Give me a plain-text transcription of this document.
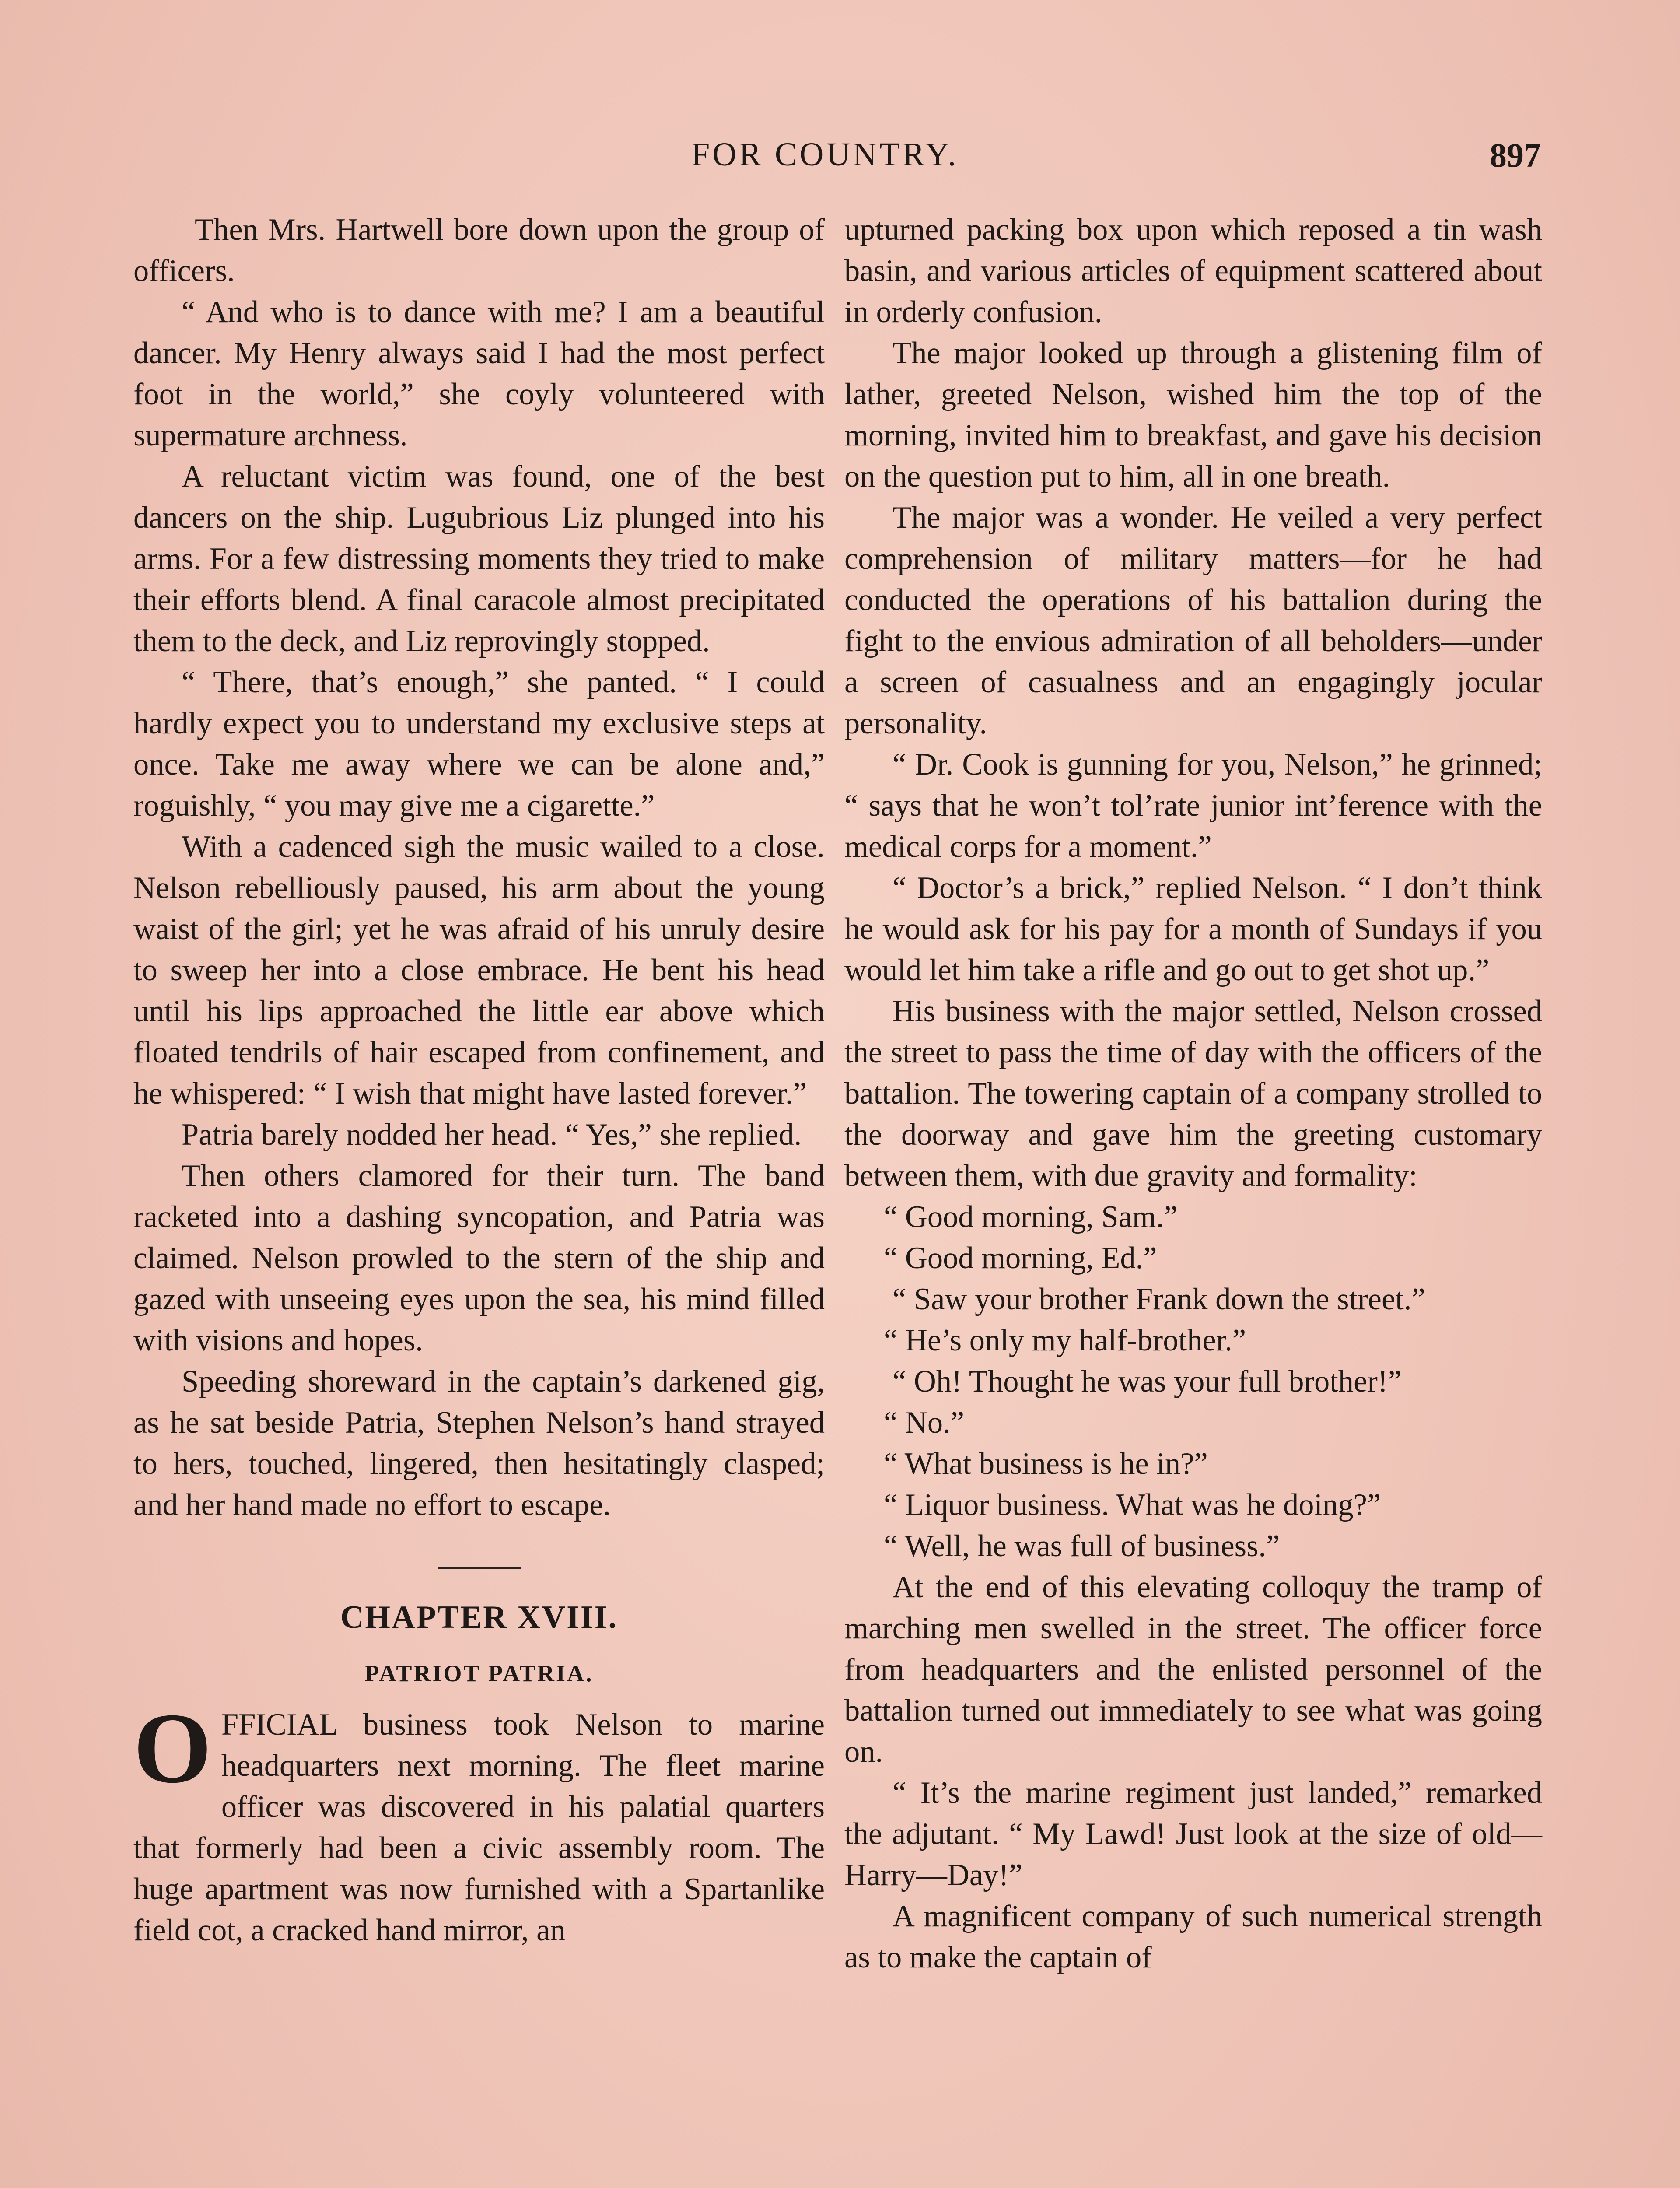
FOR COUNTRY.	897

Then Mrs. Hartwell bore down upon the group of officers.

“ And who is to dance with me? I am a beautiful dancer. My Henry always said I had the most perfect foot in the world,” she coyly volunteered with supermature archness.

A reluctant victim was found, one of the best dancers on the ship. Lugubrious Liz plunged into his arms. For a few distressing moments they tried to make their efforts blend. A final caracole almost precipitated them to the deck, and Liz reprovingly stopped.

“ There, that’s enough,” she panted. “ I could hardly expect you to understand my exclusive steps at once. Take me away where we can be alone and,” roguishly, “ you may give me a cigarette.”

With a cadenced sigh the music wailed to a close. Nelson rebelliously paused, his arm about the young waist of the girl; yet he was afraid of his unruly desire to sweep her into a close embrace. He bent his head until his lips approached the little ear above which floated tendrils of hair escaped from confinement, and he whispered: “ I wish that might have lasted forever.”

Patria barely nodded her head. “ Yes,” she replied.

Then others clamored for their turn. The band racketed into a dashing syncopation, and Patria was claimed. Nelson prowled to the stern of the ship and gazed with unseeing eyes upon the sea, his mind filled with visions and hopes.

Speeding shoreward in the captain’s darkened gig, as he sat beside Patria, Stephen Nelson’s hand strayed to hers, touched, lingered, then hesitatingly clasped; and her hand made no effort to escape.

CHAPTER XVIII.
PATRIOT PATRIA.

O FFICIAL business took Nelson to marine headquarters next morning. The fleet marine officer was discovered in his palatial quarters that formerly had been a civic assembly room. The huge apartment was now furnished with a Spartanlike field cot, a cracked hand mirror, an

upturned packing box upon which reposed a tin wash basin, and various articles of equipment scattered about in orderly confusion.

The major looked up through a glistening film of lather, greeted Nelson, wished him the top of the morning, invited him to breakfast, and gave his decision on the question put to him, all in one breath.

The major was a wonder. He veiled a very perfect comprehension of military matters—for he had conducted the operations of his battalion during the fight to the envious admiration of all beholders—under a screen of casualness and an engagingly jocular personality.

“ Dr. Cook is gunning for you, Nelson,” he grinned; “ says that he won’t tol’rate junior int’ference with the medical corps for a moment.”

“ Doctor’s a brick,” replied Nelson. “ I don’t think he would ask for his pay for a month of Sundays if you would let him take a rifle and go out to get shot up.”

His business with the major settled, Nelson crossed the street to pass the time of day with the officers of the battalion. The towering captain of a company strolled to the doorway and gave him the greeting customary between them, with due gravity and formality:

“ Good morning, Sam.”

“ Good morning, Ed.”

“ Saw your brother Frank down the street.”

“ He’s only my half-brother.”

“ Oh! Thought he was your full brother!”

“ No.”

“ What business is he in?”

“ Liquor business. What was he doing?”

“ Well, he was full of business.”

At the end of this elevating colloquy the tramp of marching men swelled in the street. The officer force from headquarters and the enlisted personnel of the battalion turned out immediately to see what was going on.

“ It’s the marine regiment just landed,” remarked the adjutant. “ My Lawd! Just look at the size of old—Harry—Day!”

A magnificent company of such numerical strength as to make the captain of
